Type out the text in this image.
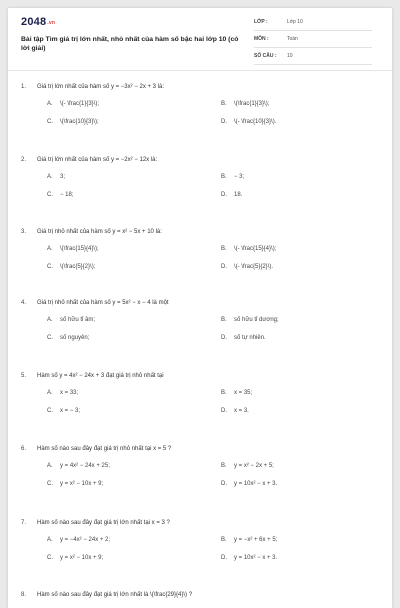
2048.vn
Bài tập Tìm giá trị lớn nhất, nhỏ nhất của hàm số bậc hai lớp 10 (có lời giải)
LỚP :	Lớp 10
MÔN :	Toán
SỐ CÂU :	10
1.	Giá trị lớn nhất của hàm số y = −3x² − 2x + 3 là:
A.	\(- \frac{1}{3}\);	B.	\(\frac{1}{3}\);
C.	\(\frac{10}{3}\);	D.	\(- \frac{10}{3}\).
2.	Giá trị lớn nhất của hàm số y = −2x² − 12x là:
A.	3;	B.	− 3;
C.	− 18;	D.	18.
3.	Giá trị nhỏ nhất của hàm số y = x² − 5x + 10 là:
A.	\(\frac{15}{4}\);	B.	\(- \frac{15}{4}\);
C.	\(\frac{5}{2}\);	D.	\(- \frac{5}{2}\).
4.	Giá trị nhỏ nhất của hàm số y = 5x² − x − 4 là một
A.	số hữu tỉ âm;	B.	số hữu tỉ dương;
C.	số nguyên;	D.	số tự nhiên.
5.	Hàm số y = 4x² − 24x + 3 đạt giá trị nhỏ nhất tại
A.	x = 33;	B.	x = 35;
C.	x = − 3;	D.	x = 3.
6.	Hàm số nào sau đây đạt giá trị nhỏ nhất tại x = 5 ?
A.	y = 4x² − 24x + 25;	B.	y = x² − 2x + 5;
C.	y = x² − 10x + 9;	D.	y = 10x² − x + 3.
7.	Hàm số nào sau đây đạt giá trị lớn nhất tại x = 3 ?
A.	y = −4x² − 24x + 2;	B.	y = −x² + 6x + 5;
C.	y = x² − 10x + 9;	D.	y = 10x² − x + 3.
8.	Hàm số nào sau đây đạt giá trị lớn nhất là \(\frac{29}{4}\) ?
